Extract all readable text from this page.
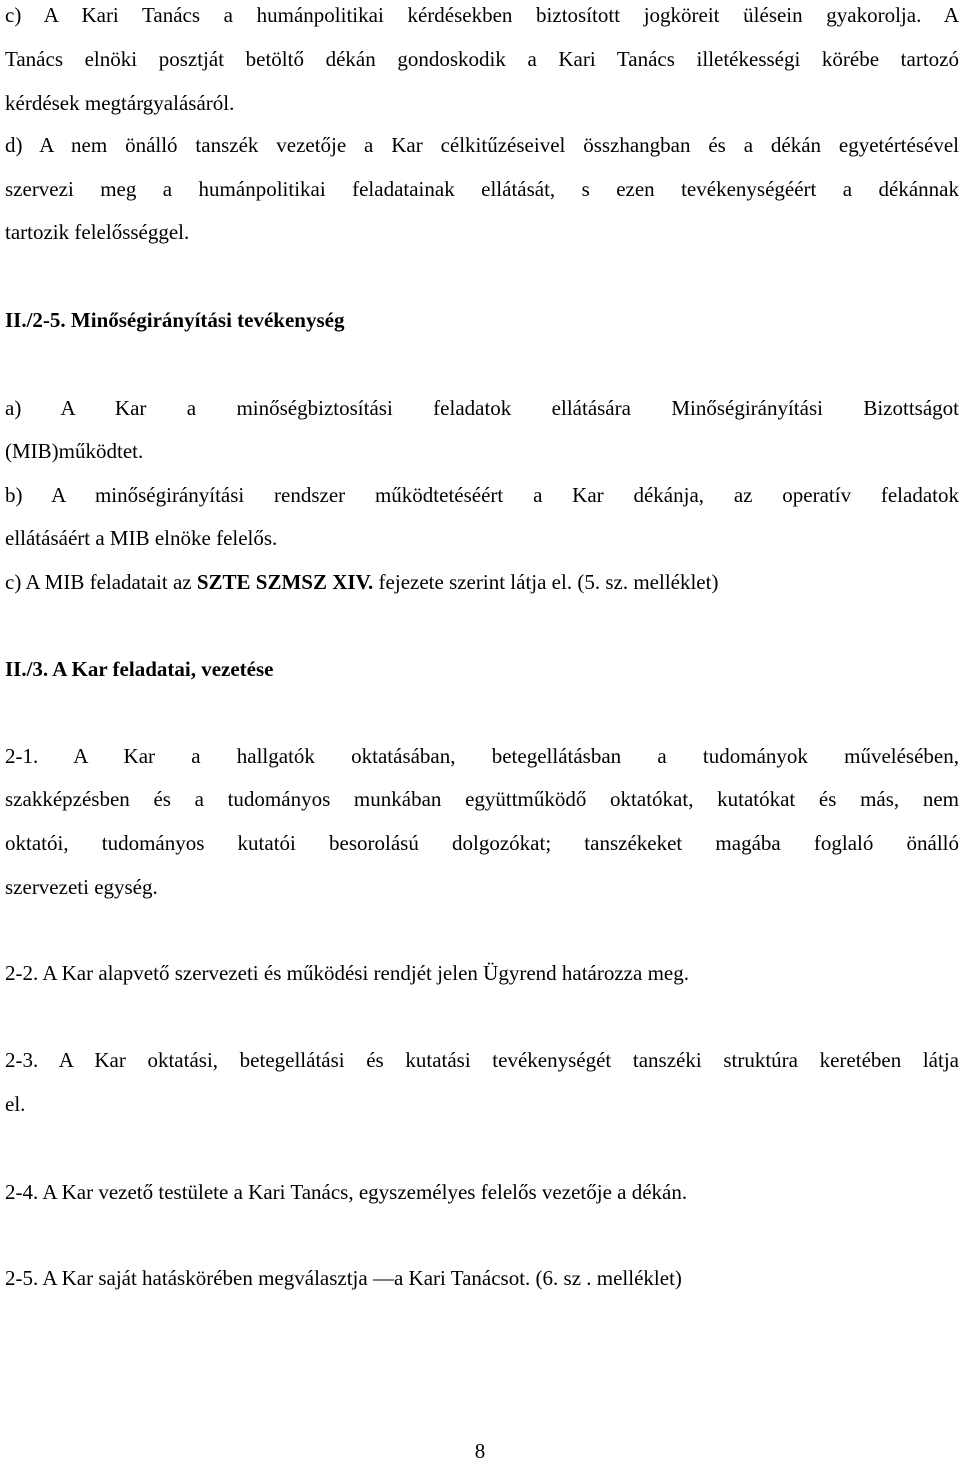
c) A Kari Tanács a humánpolitikai kérdésekben biztosított jogköreit ülésein gyakorolja. A
Tanács elnöki posztját betöltő dékán gondoskodik a Kari Tanács illetékességi körébe tartozó
kérdések megtárgyalásáról.
d) A nem önálló tanszék vezetője a Kar célkitűzéseivel összhangban és a dékán egyetértésével
szervezi meg a humánpolitikai feladatainak ellátását, s ezen tevékenységéért a dékánnak
tartozik felelősséggel.
II./2-5. Minőségirányítási tevékenység
a) A Kar a minőségbiztosítási feladatok ellátására Minőségirányítási Bizottságot
(MIB)működtet.
b) A minőségirányítási rendszer működtetéséért a Kar dékánja, az operatív feladatok
ellátásáért a MIB elnöke felelős.
c) A MIB feladatait az SZTE SZMSZ XIV. fejezete szerint látja el. (5. sz. melléklet)
II./3. A Kar feladatai, vezetése
2-1. A Kar a hallgatók oktatásában, betegellátásban a tudományok művelésében,
szakképzésben és a tudományos munkában együttműködő oktatókat, kutatókat és más, nem
oktatói, tudományos kutatói besorolású dolgozókat; tanszékeket magába foglaló önálló
szervezeti egység.
2-2. A Kar alapvető szervezeti és működési rendjét jelen Ügyrend határozza meg.
2-3. A Kar oktatási, betegellátási és kutatási tevékenységét tanszéki struktúra keretében látja
el.
2-4. A Kar vezető testülete a Kari Tanács, egyszemélyes felelős vezetője a dékán.
2-5. A Kar saját hatáskörében megválasztja —a Kari Tanácsot. (6. sz . melléklet)
8
